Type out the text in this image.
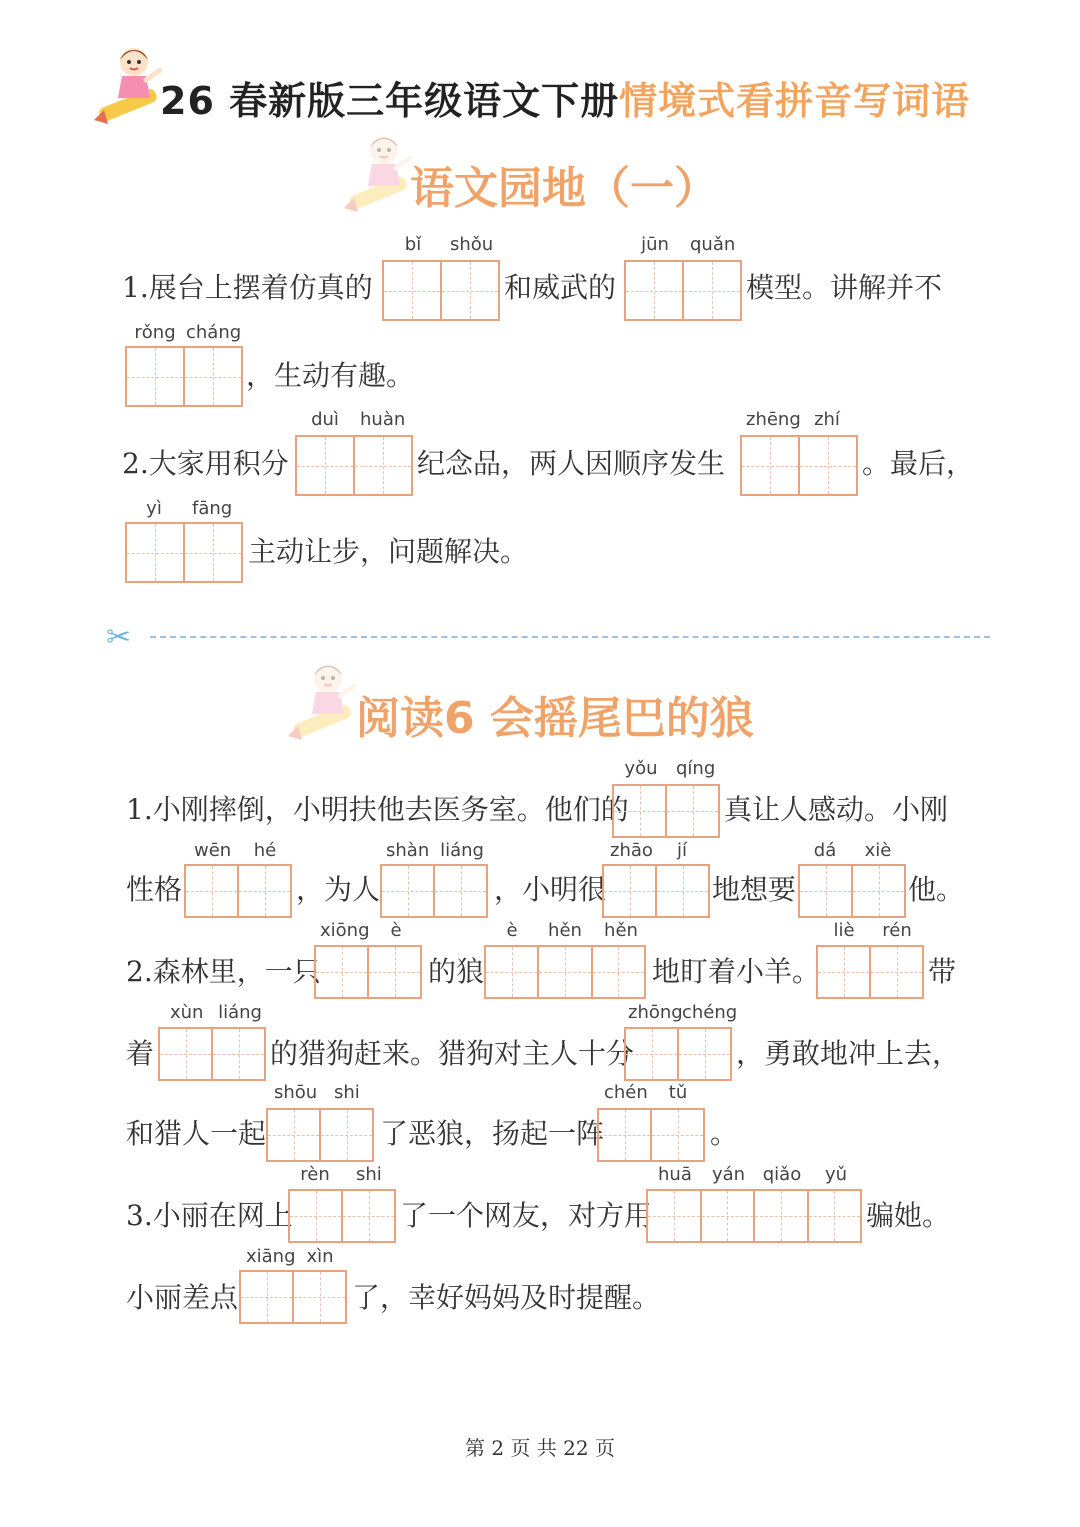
26 春新版三年级语文下册情境式看拼音写词语
语文园地（一）
1.展台上摆着仿真的
bǐ	shǒu
和威武的
jūn quǎn
模型。讲解并不
rǒng cháng
，生动有趣。
2.大家用积分
duì huàn
纪念品，两人因顺序发生
zhēng zhí
。最后，
yì fāng
主动让步，问题解决。
✂
阅读6 会摇尾巴的狼
1.小刚摔倒，小明扶他去医务室。他们的
yǒu qíng
真让人感动。小刚
性格
wēn hé
，为人
shàn liáng
，小明很
zhāo	jí
地想要
dá xiè
他。
2.森林里，一只
xiōng è
的狼
è hěn hěn
地盯着小羊。
liè rén
带
着
xùn liáng
的猎狗赶来。猎狗对主人十分
zhōng chéng
，勇敢地冲上去，
和猎人一起
shōu shi
了恶狼，扬起一阵
chén tǔ
。
3.小丽在网上
rèn shi
了一个网友，对方用
huā yán qiǎo yǔ
骗她。
小丽差点
xiāng xìn
了，幸好妈妈及时提醒。
第 2 页 共 22 页
